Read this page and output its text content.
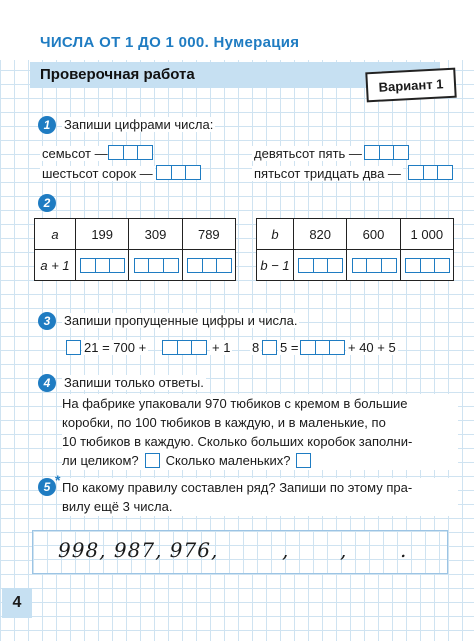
ЧИСЛА ОТ 1 ДО 1 000. Нумерация
Проверочная работа
Вариант 1
1	Запиши цифрами числа:
семьсот —
шестьсот сорок —
девятьсот пять —
пятьсот тридцать два —
2
a	199	309	789
a + 1	

b	820	600	1 000
b − 1	

3	Запиши пропущенные цифры и числа.
21 = 700 +	+ 1 8 5 =	+ 40 + 5
4	Запиши только ответы.
На фабрике упаковали 970 тюбиков с кремом в большие
коробки, по 100 тюбиков в каждую, и в маленькие, по
10 тюбиков в каждую. Сколько больших коробок заполни-
ли целиком? Сколько маленьких?
5 * По какому правилу составлен ряд? Запиши по этому пра-
вилу ещё 3 числа.
998, 987, 976,	,	,	.
4
